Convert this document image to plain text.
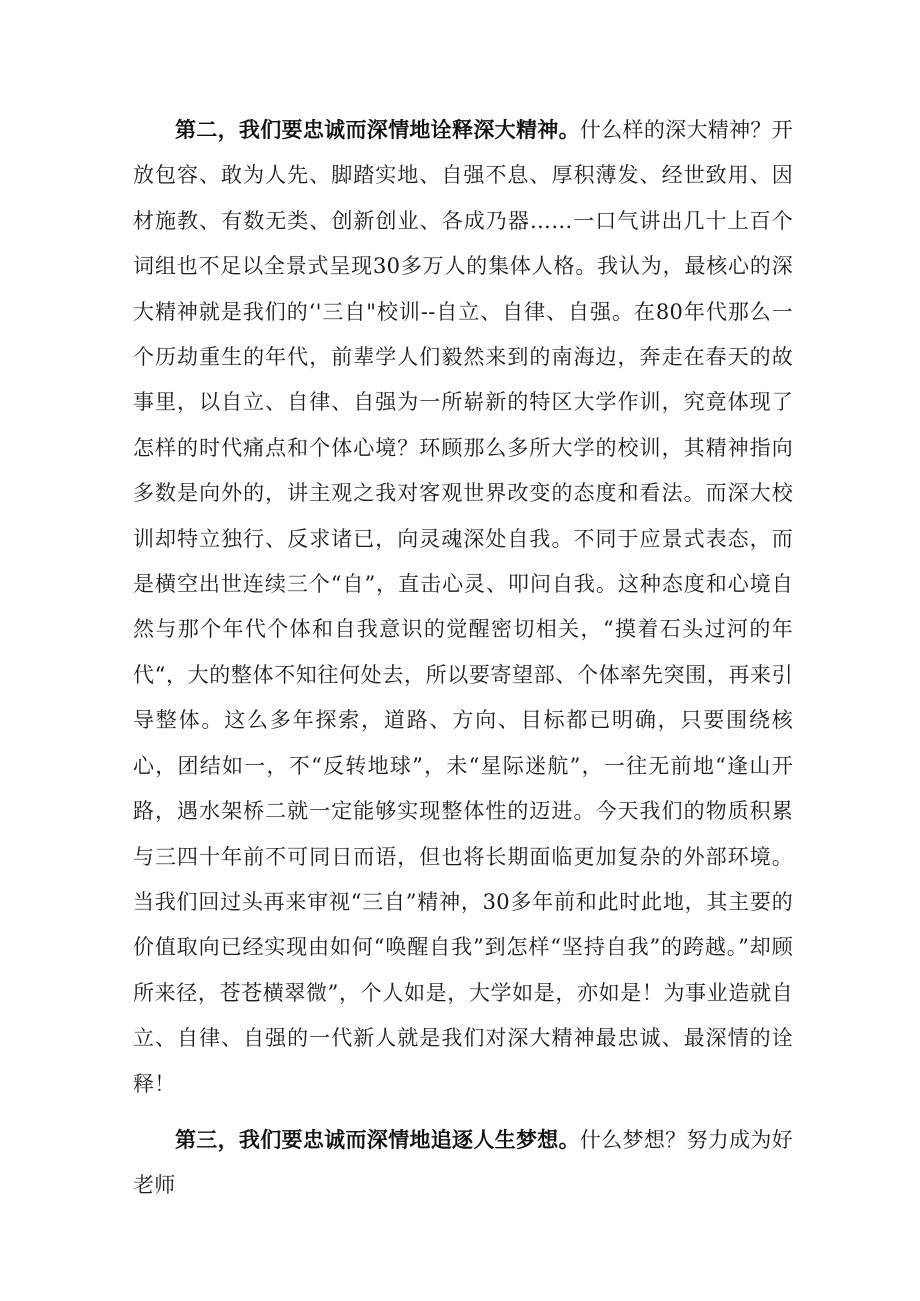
第二，我们要忠诚而深情地诠释深大精神。什么样的深大精神？开放包容、敢为人先、脚踏实地、自强不息、厚积薄发、经世致用、因材施教、有数无类、创新创业、各成乃器……一口气讲出几十上百个词组也不足以全景式呈现30多万人的集体人格。我认为，最核心的深大精神就是我们的‘'三自"校训--自立、自律、自强。在80年代那么一个历劫重生的年代，前辈学人们毅然来到的南海边，奔走在春天的故事里，以自立、自律、自强为一所崭新的特区大学作训，究竟体现了怎样的时代痛点和个体心境？环顾那么多所大学的校训，其精神指向多数是向外的，讲主观之我对客观世界改变的态度和看法。而深大校训却特立独行、反求诸已，向灵魂深处自我。不同于应景式表态，而是横空出世连续三个“自”，直击心灵、叩问自我。这种态度和心境自然与那个年代个体和自我意识的觉醒密切相关，“摸着石头过河的年代“，大的整体不知往何处去，所以要寄望部、个体率先突围，再来引导整体。这么多年探索，道路、方向、目标都已明确，只要围绕核心，团结如一，不“反转地球”，未“星际迷航”，一往无前地“逢山开路，遇水架桥二就一定能够实现整体性的迈进。今天我们的物质积累与三四十年前不可同日而语，但也将长期面临更加复杂的外部环境。当我们回过头再来审视“三自”精神，30多年前和此时此地，其主要的价值取向已经实现由如何“唤醒自我”到怎样“坚持自我”的跨越。”却顾所来径，苍苍横翠微”，个人如是，大学如是，亦如是！为事业造就自立、自律、自强的一代新人就是我们对深大精神最忠诚、最深情的诠释！

第三，我们要忠诚而深情地追逐人生梦想。什么梦想？努力成为好老师
